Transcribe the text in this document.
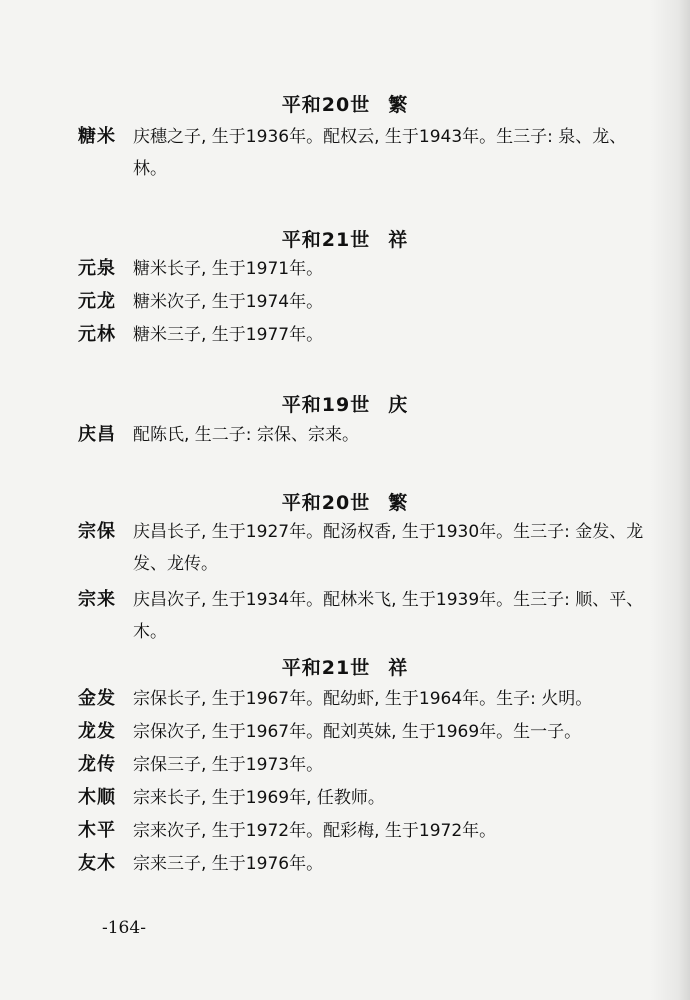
平和20世 繁
糖米 庆穗之子, 生于1936年。配权云, 生于1943年。生三子: 泉、龙、林。
平和21世 祥
元泉 糖米长子, 生于1971年。
元龙 糖米次子, 生于1974年。
元林 糖米三子, 生于1977年。
平和19世 庆
庆昌 配陈氏, 生二子: 宗保、宗来。
平和20世 繁
宗保 庆昌长子, 生于1927年。配汤权香, 生于1930年。生三子: 金发、龙发、龙传。
宗来 庆昌次子, 生于1934年。配林米飞, 生于1939年。生三子: 顺、平、木。
平和21世 祥
金发 宗保长子, 生于1967年。配幼虾, 生于1964年。生子: 火明。
龙发 宗保次子, 生于1967年。配刘英妹, 生于1969年。生一子。
龙传 宗保三子, 生于1973年。
木顺 宗来长子, 生于1969年, 任教师。
木平 宗来次子, 生于1972年。配彩梅, 生于1972年。
友木 宗来三子, 生于1976年。
-164-
